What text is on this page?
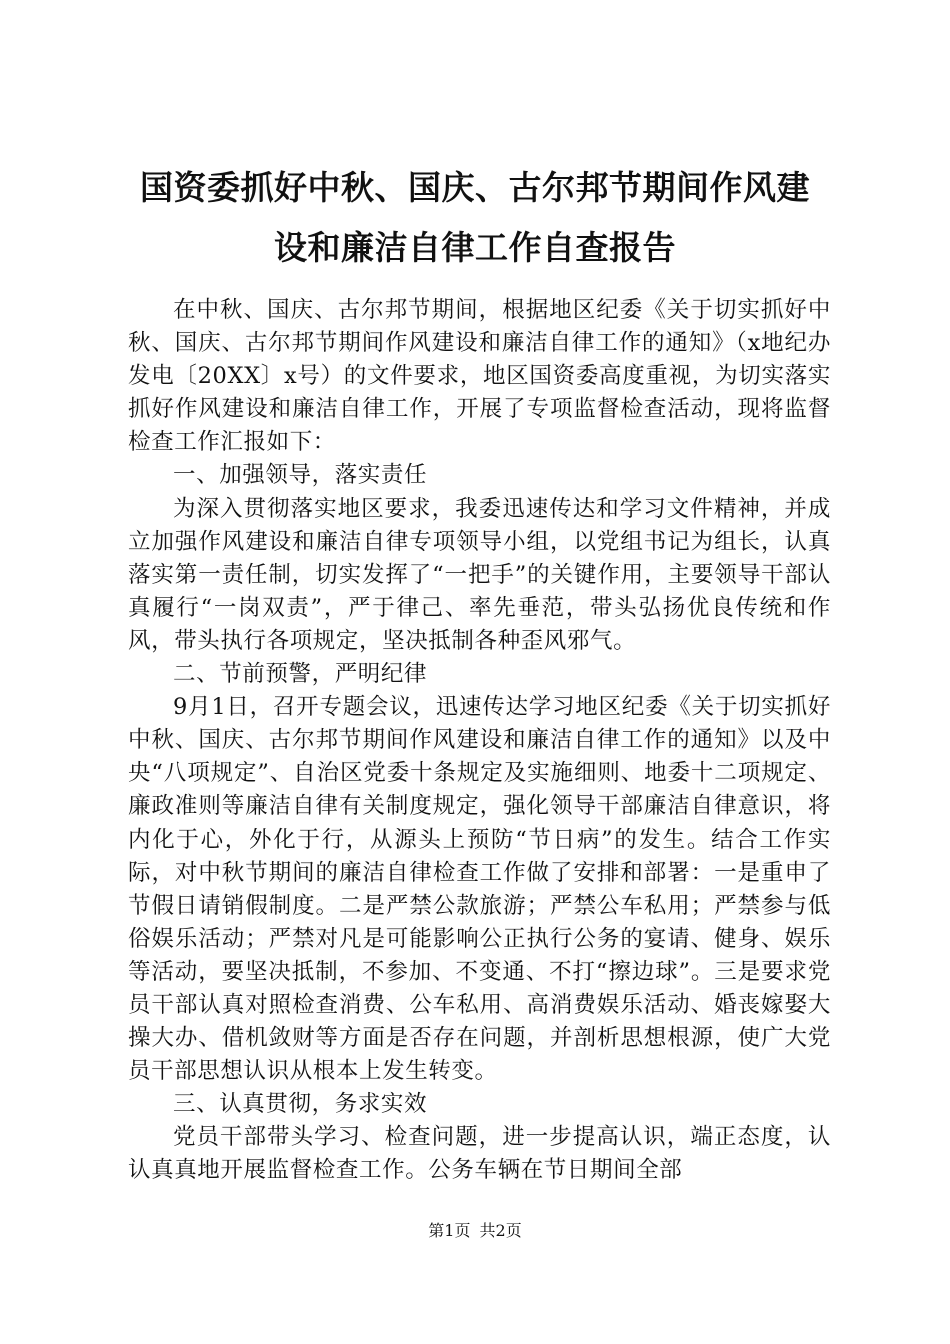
国资委抓好中秋、国庆、古尔邦节期间作风建
设和廉洁自律工作自查报告

在中秋、国庆、古尔邦节期间，根据地区纪委《关于切实抓好中秋、国庆、古尔邦节期间作风建设和廉洁自律工作的通知》（x地纪办发电〔20XX〕x号）的文件要求，地区国资委高度重视，为切实落实抓好作风建设和廉洁自律工作，开展了专项监督检查活动，现将监督检查工作汇报如下：

一、加强领导，落实责任

为深入贯彻落实地区要求，我委迅速传达和学习文件精神，并成立加强作风建设和廉洁自律专项领导小组，以党组书记为组长，认真落实第一责任制，切实发挥了“一把手”的关键作用，主要领导干部认真履行“一岗双责”，严于律己、率先垂范，带头弘扬优良传统和作风，带头执行各项规定，坚决抵制各种歪风邪气。

二、节前预警，严明纪律

9月1日，召开专题会议，迅速传达学习地区纪委《关于切实抓好中秋、国庆、古尔邦节期间作风建设和廉洁自律工作的通知》以及中央“八项规定”、自治区党委十条规定及实施细则、地委十二项规定、廉政准则等廉洁自律有关制度规定，强化领导干部廉洁自律意识，将内化于心，外化于行，从源头上预防“节日病”的发生。结合工作实际，对中秋节期间的廉洁自律检查工作做了安排和部署：一是重申了节假日请销假制度。二是严禁公款旅游；严禁公车私用；严禁参与低俗娱乐活动；严禁对凡是可能影响公正执行公务的宴请、健身、娱乐等活动，要坚决抵制，不参加、不变通、不打“擦边球”。三是要求党员干部认真对照检查消费、公车私用、高消费娱乐活动、婚丧嫁娶大操大办、借机敛财等方面是否存在问题，并剖析思想根源，使广大党员干部思想认识从根本上发生转变。

三、认真贯彻，务求实效

党员干部带头学习、检查问题，进一步提高认识，端正态度，认认真真地开展监督检查工作。公务车辆在节日期间全部

第1页 共2页
